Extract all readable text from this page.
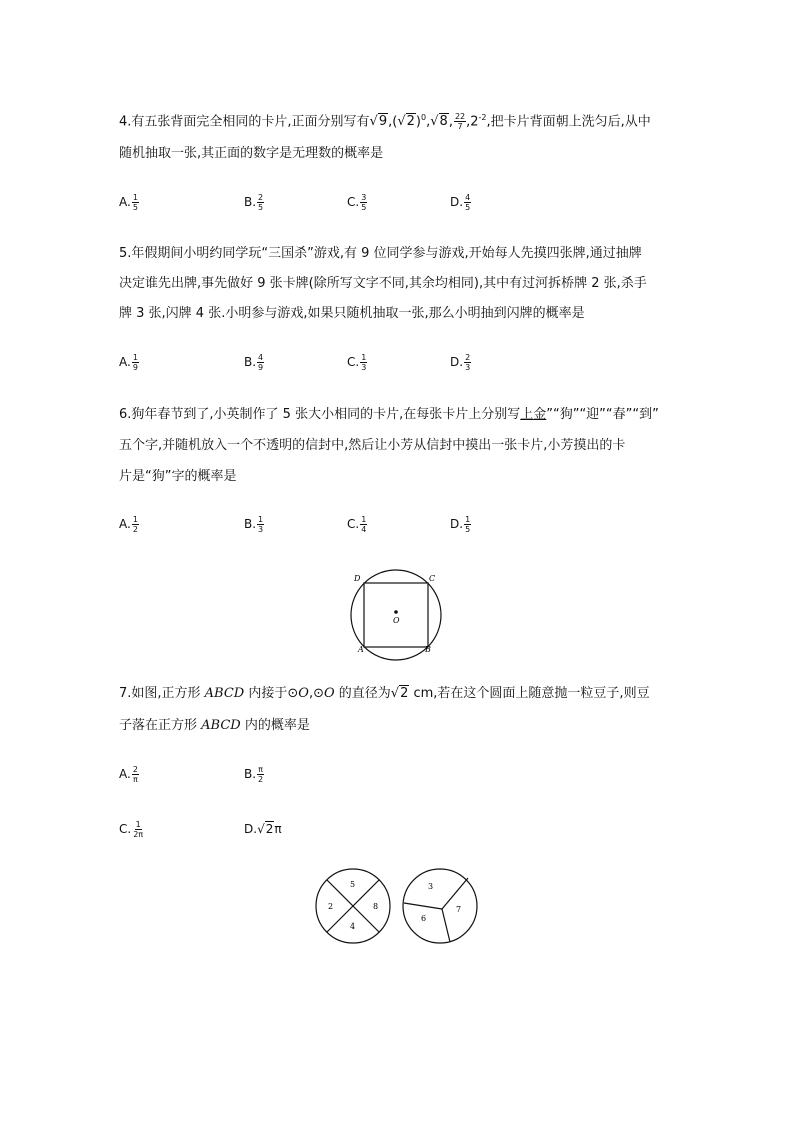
4.有五张背面完全相同的卡片,正面分别写有$√9,(√2)^0,√8$, $\frac{22}{7} ,2^{-2}$,把卡片背面朝上洗匀后,从中
随机抽取一张,其正面的数字是无理数的概率是
A. $\frac{1}{5}$	B. $\frac{2}{5}$	C. $\frac{3}{5}$	D. $\frac{4}{5}$
5.年假期间小明约同学玩“三国杀”游戏,有 9 位同学参与游戏,开始每人先摸四张牌,通过抽牌
决定谁先出牌,事先做好 9 张卡牌(除所写文字不同,其余均相同),其中有过河拆桥牌 2 张,杀手
牌 3 张,闪牌 4 张.小明参与游戏,如果只随机抽取一张,那么小明抽到闪牌的概率是
A. $\frac{1}{9}$	B. $\frac{4}{9}$	C. $\frac{1}{3}$	D. $\frac{2}{3}$
6.狗年春节到了,小英制作了 5 张大小相同的卡片,在每张卡片上分别写上金”“狗”“迎”“春”“到”
五个字,并随机放入一个不透明的信封中,然后让小芳从信封中摸出一张卡片,小芳摸出的卡
片是“狗”字的概率是
A. $\frac{1}{2}$	B. $\frac{1}{3}$	C. $\frac{1}{4}$	D. $\frac{1}{5}$
D	C
A	B
O
7.如图,正方形 ABCD 内接于⊙O,⊙O 的直径为√2 cm,若在这个圆面上随意抛一粒豆子,则豆
子落在正方形 ABCD 内的概率是
A. $\frac{2}{\pi}$	B. $\frac{\pi}{2}$
C. $\frac{1}{2\pi}$	D.√2π
5
2	8
4
3
6
7
